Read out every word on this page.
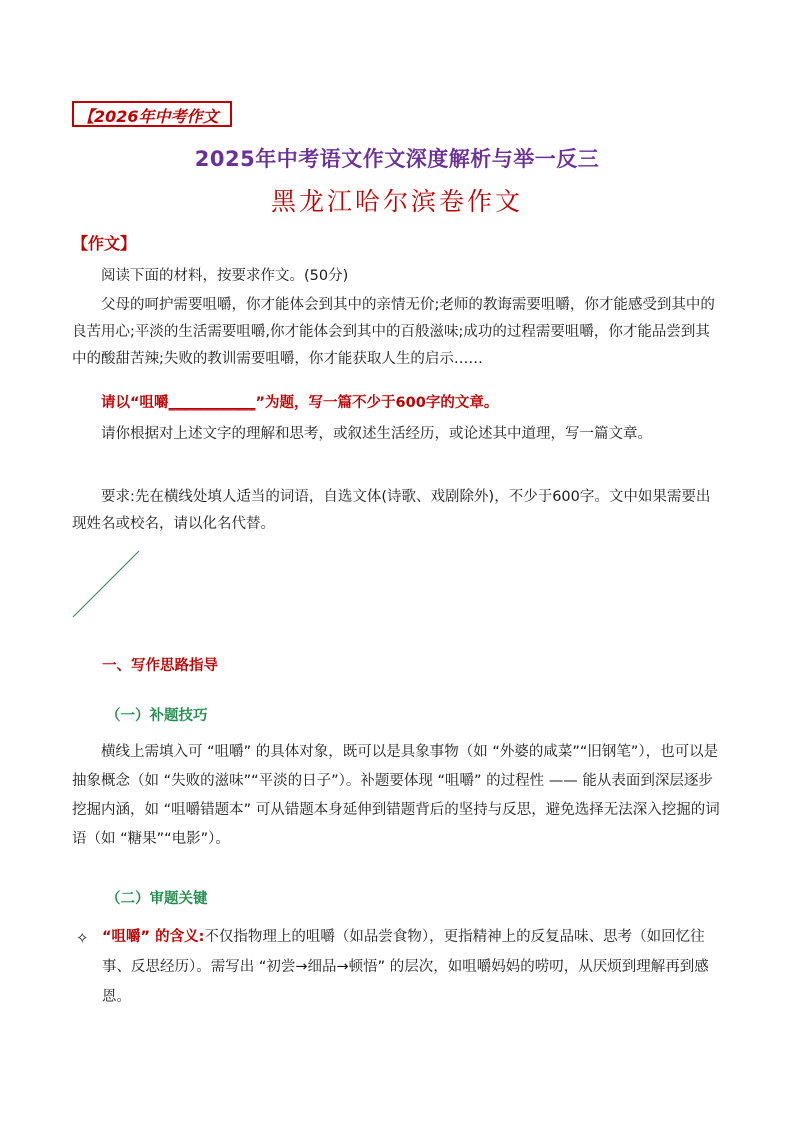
【2026年中考作文
2025年中考语文作文深度解析与举一反三
黑龙江哈尔滨卷作文
【作文】
阅读下面的材料，按要求作文。(50分)
父母的呵护需要咀嚼，你才能体会到其中的亲情无价;老师的教诲需要咀嚼，你才能感受到其中的良苦用心;平淡的生活需要咀嚼,你才能体会到其中的百般滋味;成功的过程需要咀嚼，你才能品尝到其中的酸甜苦辣;失败的教训需要咀嚼，你才能获取人生的启示……
请以“咀嚼____________”为题，写一篇不少于600字的文章。
请你根据对上述文字的理解和思考，或叙述生活经历，或论述其中道理，写一篇文章。
要求:先在横线处填人适当的词语，自选文体(诗歌、戏剧除外)，不少于600字。文中如果需要出现姓名或校名，请以化名代替。
一、写作思路指导
（一）补题技巧
横线上需填入可 “咀嚼” 的具体对象，既可以是具象事物（如 “外婆的咸菜”“旧钢笔”），也可以是抽象概念（如 “失败的滋味”“平淡的日子”）。补题要体现 “咀嚼” 的过程性 —— 能从表面到深层逐步挖掘内涵，如 “咀嚼错题本” 可从错题本身延伸到错题背后的坚持与反思，避免选择无法深入挖掘的词语（如 “糖果”“电影”）。
（二）审题关键
✧ “咀嚼” 的含义:不仅指物理上的咀嚼（如品尝食物），更指精神上的反复品味、思考（如回忆往事、反思经历）。需写出 “初尝→细品→顿悟” 的层次，如咀嚼妈妈的唠叨，从厌烦到理解再到感恩。
